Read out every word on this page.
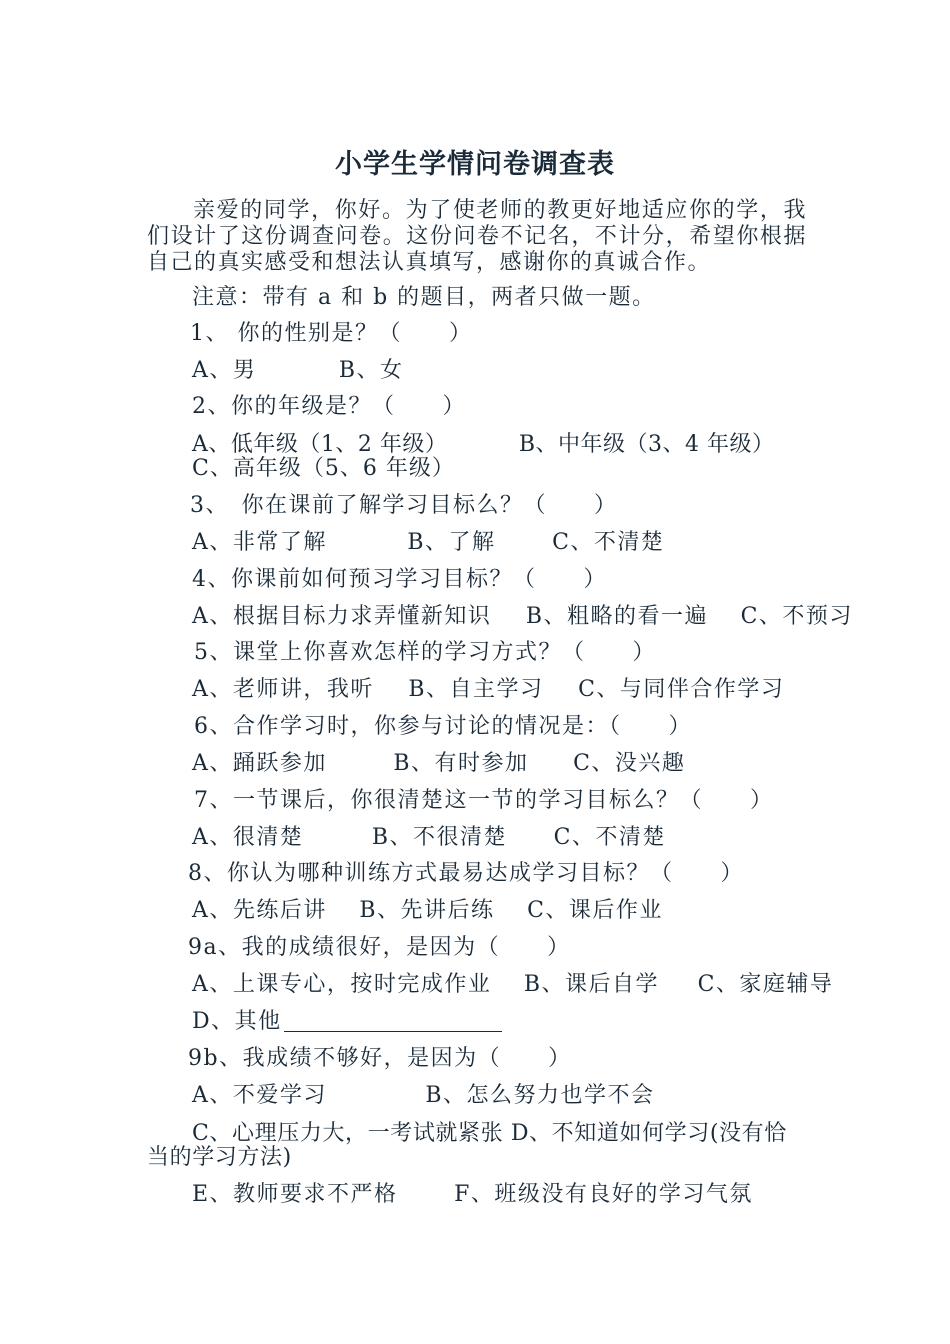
小学生学情问卷调查表
亲爱的同学，你好。为了使老师的教更好地适应你的学，我们设计了这份调查问卷。这份问卷不记名，不计分，希望你根据自己的真实感受和想法认真填写，感谢你的真诚合作。
注意：带有 a 和 b 的题目，两者只做一题。
1、 你的性别是？（　　）
A、男	B、女
2、你的年级是？（　　）
A、低年级（1、2 年级）	B、中年级（3、4 年级）
C、高年级（5、6 年级）
3、　你在课前了解学习目标么？（　　）
A、非常了解	B、了解	C、不清楚
4、你课前如何预习学习目标？（　　）
A、根据目标力求弄懂新知识 B、粗略的看一遍 C、不预习
5、课堂上你喜欢怎样的学习方式？（　　）
A、老师讲，我听 B、自主学习 C、与同伴合作学习
6、合作学习时，你参与讨论的情况是：（　　）
A、踊跃参加	B、有时参加 C、没兴趣
7、一节课后，你很清楚这一节的学习目标么？（　　）
A、很清楚	B、不很清楚 C、不清楚
8、你认为哪种训练方式最易达成学习目标？（　　）
A、先练后讲 B、先讲后练 C、课后作业
9a、我的成绩很好，是因为（　　）
A、上课专心，按时完成作业 B、课后自学 C、家庭辅导
D、其他
9b、我成绩不够好，是因为（　　）
A、不爱学习	B、怎么努力也学不会
C、心理压力大，一考试就紧张 D、不知道如何学习(没有恰
当的学习方法)
E、教师要求不严格	F、班级没有良好的学习气氛
